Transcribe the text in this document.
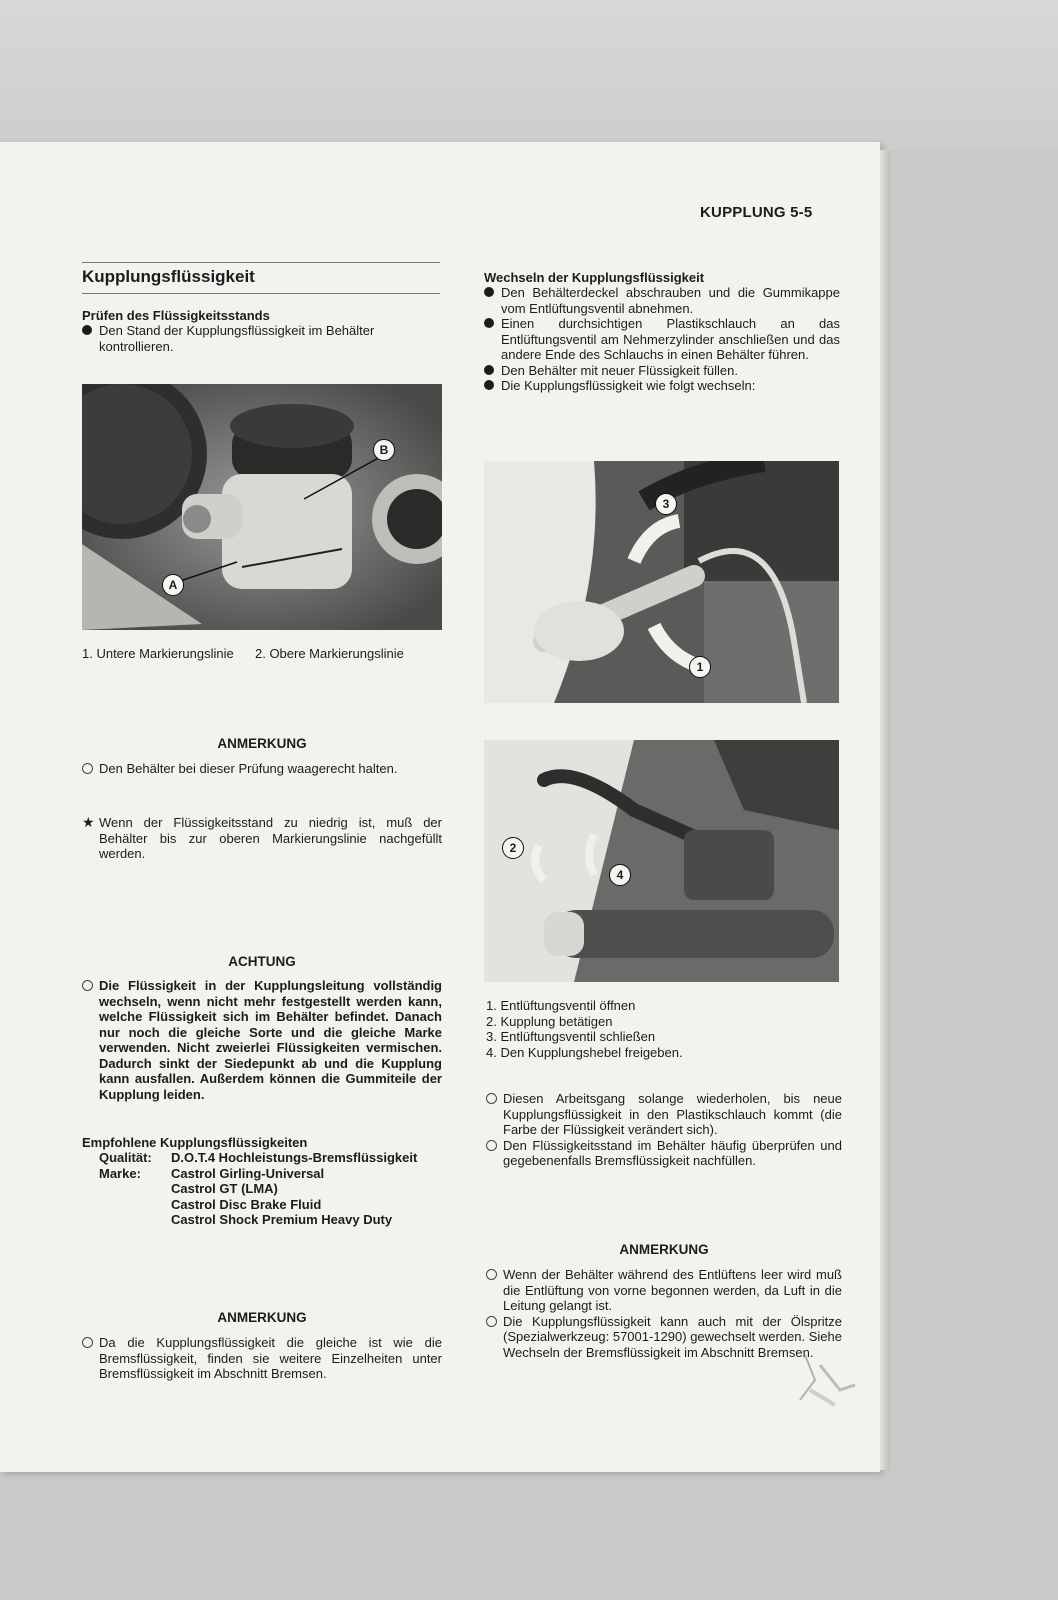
KUPPLUNG 5-5
Kupplungsflüssigkeit
Prüfen des Flüssigkeitsstands
Den Stand der Kupplungsflüssigkeit im Behälter kontrollieren.
B
A
1. Untere Markierungslinie 2. Obere Markierungslinie
ANMERKUNG
Den Behälter bei dieser Prüfung waagerecht halten.
★ Wenn der Flüssigkeitsstand zu niedrig ist, muß der Behälter bis zur oberen Markierungslinie nachgefüllt werden.
ACHTUNG
Die Flüssigkeit in der Kupplungsleitung vollständig wechseln, wenn nicht mehr festgestellt werden kann, welche Flüssigkeit sich im Behälter befindet. Danach nur noch die gleiche Sorte und die gleiche Marke verwenden. Nicht zweierlei Flüssigkeiten vermischen. Dadurch sinkt der Siedepunkt ab und die Kupplung kann ausfallen. Außerdem können die Gummiteile der Kupplung leiden.
Empfohlene Kupplungsflüssigkeiten
Qualität:	D.O.T.4 Hochleistungs-Bremsflüssigkeit
Marke:	Castrol Girling-Universal
	Castrol GT (LMA)
	Castrol Disc Brake Fluid
	Castrol Shock Premium Heavy Duty
ANMERKUNG
Da die Kupplungsflüssigkeit die gleiche ist wie die Bremsflüssigkeit, finden sie weitere Einzelheiten unter Bremsflüssigkeit im Abschnitt Bremsen.
Wechseln der Kupplungsflüssigkeit
Den Behälterdeckel abschrauben und die Gummikappe vom Entlüftungsventil abnehmen.
Einen durchsichtigen Plastikschlauch an das Entlüftungsventil am Nehmerzylinder anschließen und das andere Ende des Schlauchs in einen Behälter führen.
Den Behälter mit neuer Flüssigkeit füllen.
Die Kupplungsflüssigkeit wie folgt wechseln:
3
1
2
4
1. Entlüftungsventil öffnen
2. Kupplung betätigen
3. Entlüftungsventil schließen
4. Den Kupplungshebel freigeben.
Diesen Arbeitsgang solange wiederholen, bis neue Kupplungsflüssigkeit in den Plastikschlauch kommt (die Farbe der Flüssigkeit verändert sich).
Den Flüssigkeitsstand im Behälter häufig überprüfen und gegebenenfalls Bremsflüssigkeit nachfüllen.
ANMERKUNG
Wenn der Behälter während des Entlüftens leer wird muß die Entlüftung von vorne begonnen werden, da Luft in die Leitung gelangt ist.
Die Kupplungsflüssigkeit kann auch mit der Ölspritze (Spezialwerkzeug: 57001-1290) gewechselt werden. Siehe Wechseln der Bremsflüssigkeit im Abschnitt Bremsen.
